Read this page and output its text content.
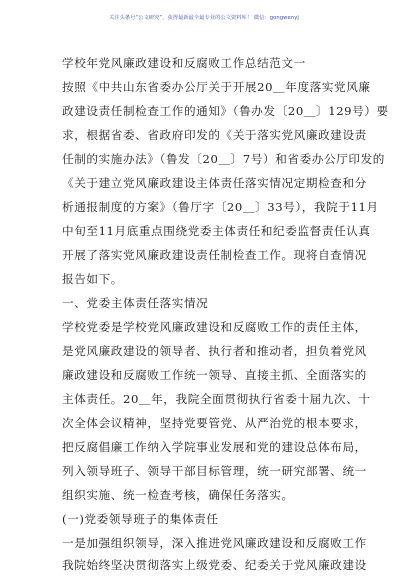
关注头条号“公文研究”，获得最新最全最专业的公文资料库！ 微信：gongwenyj
学校年党风廉政建设和反腐败工作总结范文一
按照《中共山东省委办公厅关于开展20＿年度落实党风廉
政建设责任制检查工作的通知》（鲁办发〔20＿〕129号）要
求，根据省委、省政府印发的《关于落实党风廉政建设责
任制的实施办法》（鲁发〔20＿〕7号）和省委办公厅印发的
《关于建立党风廉政建设主体责任落实情况定期检查和分
析通报制度的方案》（鲁厅字〔20＿〕33号），我院于11月
中旬至11月底重点围绕党委主体责任和纪委监督责任认真
开展了落实党风廉政建设责任制检查工作。现将自查情况
报告如下。
一、党委主体责任落实情况
学校党委是学校党风廉政建设和反腐败工作的责任主体，
是党风廉政建设的领导者、执行者和推动者，担负着党风
廉政建设和反腐败工作统一领导、直接主抓、全面落实的
主体责任。20＿年，我院全面贯彻执行省委十届九次、十
次全体会议精神，坚持党要管党、从严治党的根本要求，
把反腐倡廉工作纳入学院事业发展和党的建设总体布局，
列入领导班子、领导干部目标管理，统一研究部署、统一
组织实施、统一检查考核，确保任务落实。
(一)党委领导班子的集体责任
一是加强组织领导，深入推进党风廉政建设和反腐败工作
我院始终坚决贯彻落实上级党委、纪委关于党风廉政建设
